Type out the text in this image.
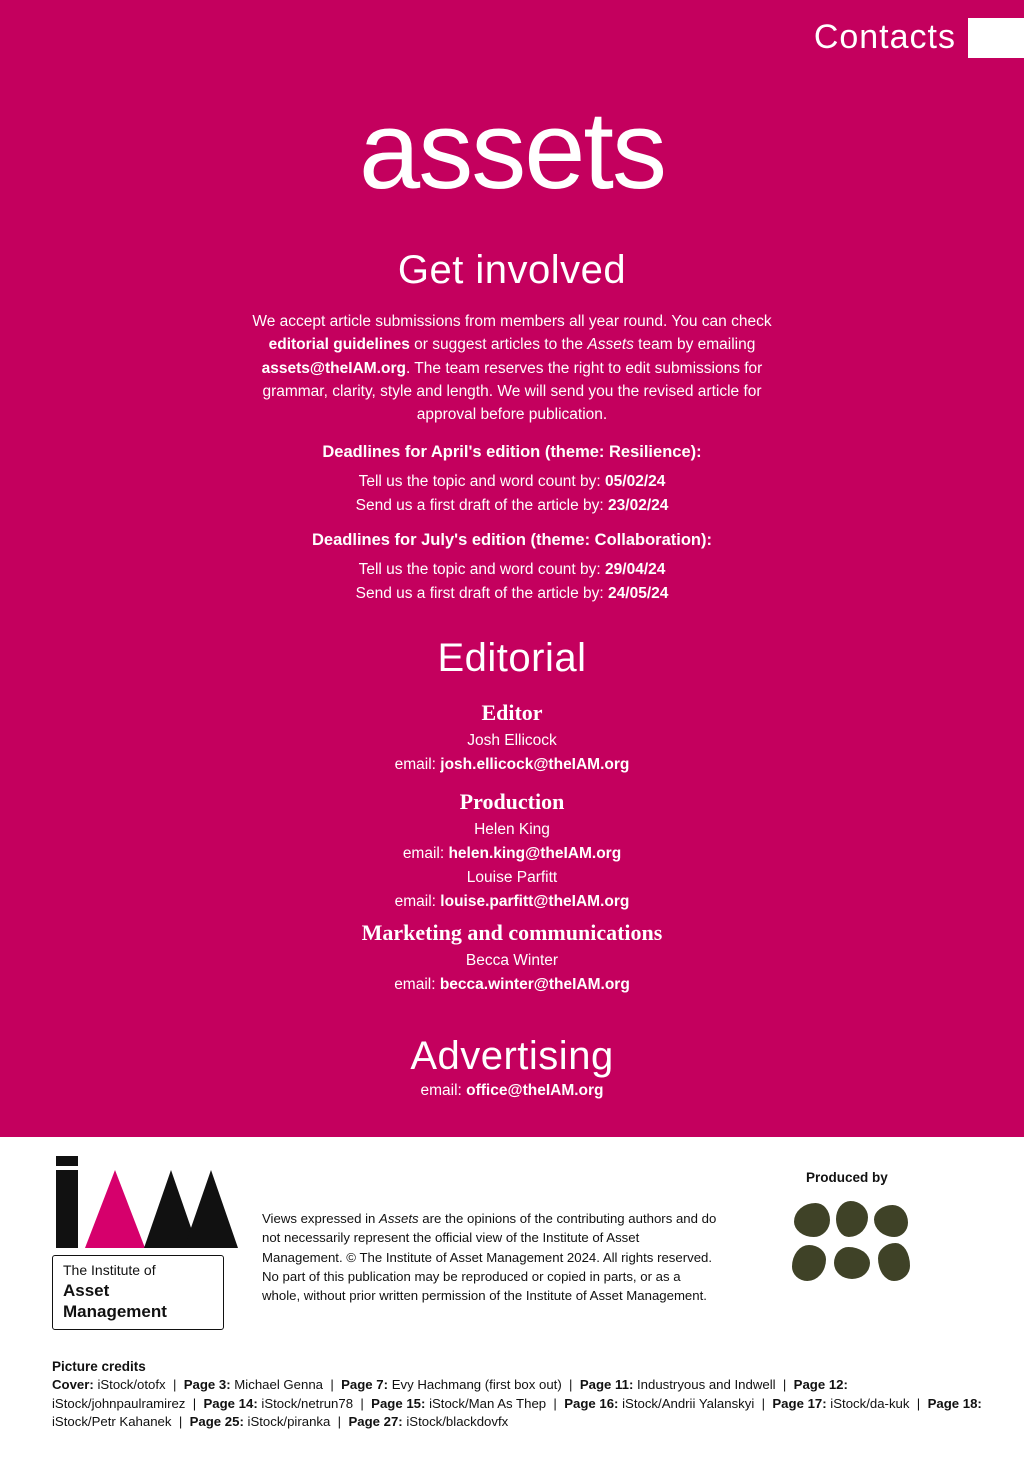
Contacts
assets
Get involved
We accept article submissions from members all year round. You can check editorial guidelines or suggest articles to the Assets team by emailing assets@theIAM.org. The team reserves the right to edit submissions for grammar, clarity, style and length. We will send you the revised article for approval before publication.
Deadlines for April's edition (theme: Resilience):
Tell us the topic and word count by: 05/02/24
Send us a first draft of the article by: 23/02/24
Deadlines for July's edition (theme: Collaboration):
Tell us the topic and word count by: 29/04/24
Send us a first draft of the article by: 24/05/24
Editorial
Editor
Josh Ellicock
email: josh.ellicock@theIAM.org
Production
Helen King
email: helen.king@theIAM.org
Louise Parfitt
email: louise.parfitt@theIAM.org
Marketing and communications
Becca Winter
email: becca.winter@theIAM.org
Advertising
email: office@theIAM.org
The Institute of
Asset Management
Views expressed in Assets are the opinions of the contributing authors and do not necessarily represent the official view of the Institute of Asset Management. © The Institute of Asset Management 2024. All rights reserved. No part of this publication may be reproduced or copied in parts, or as a whole, without prior written permission of the Institute of Asset Management.
Produced by
Picture credits
Cover: iStock/otofx  |  Page 3: Michael Genna  |  Page 7: Evy Hachmang (first box out)  |  Page 11: Industryous and Indwell  |  Page 12: iStock/johnpaulramirez  |  Page 14: iStock/netrun78  |  Page 15: iStock/Man As Thep  |  Page 16: iStock/Andrii Yalanskyi  |  Page 17: iStock/da-kuk  |  Page 18: iStock/Petr Kahanek  |  Page 25: iStock/piranka  |  Page 27: iStock/blackdovfx
